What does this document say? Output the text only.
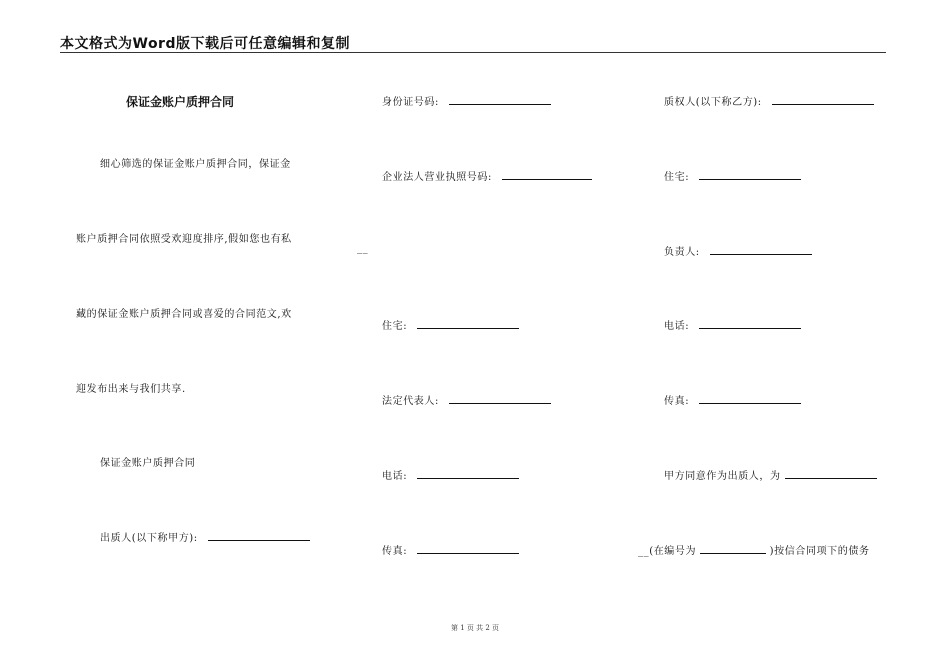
本文格式为Word版下载后可任意编辑和复制
保证金账户质押合同
细心筛选的保证金账户质押合同，保证金
账户质押合同依照受欢迎度排序,假如您也有私
藏的保证金账户质押合同或喜爱的合同范文,欢
迎发布出来与我们共享.
保证金账户质押合同
出质人(以下称甲方):
身份证号码:
企业法人营业执照号码:
__
住宅:
法定代表人:
电话:
传真:
质权人(以下称乙方):
住宅:
负责人:
电话:
传真:
甲方同意作为出质人，为
__(在编号为	)按信合同项下的债务
第 1 页 共 2 页
